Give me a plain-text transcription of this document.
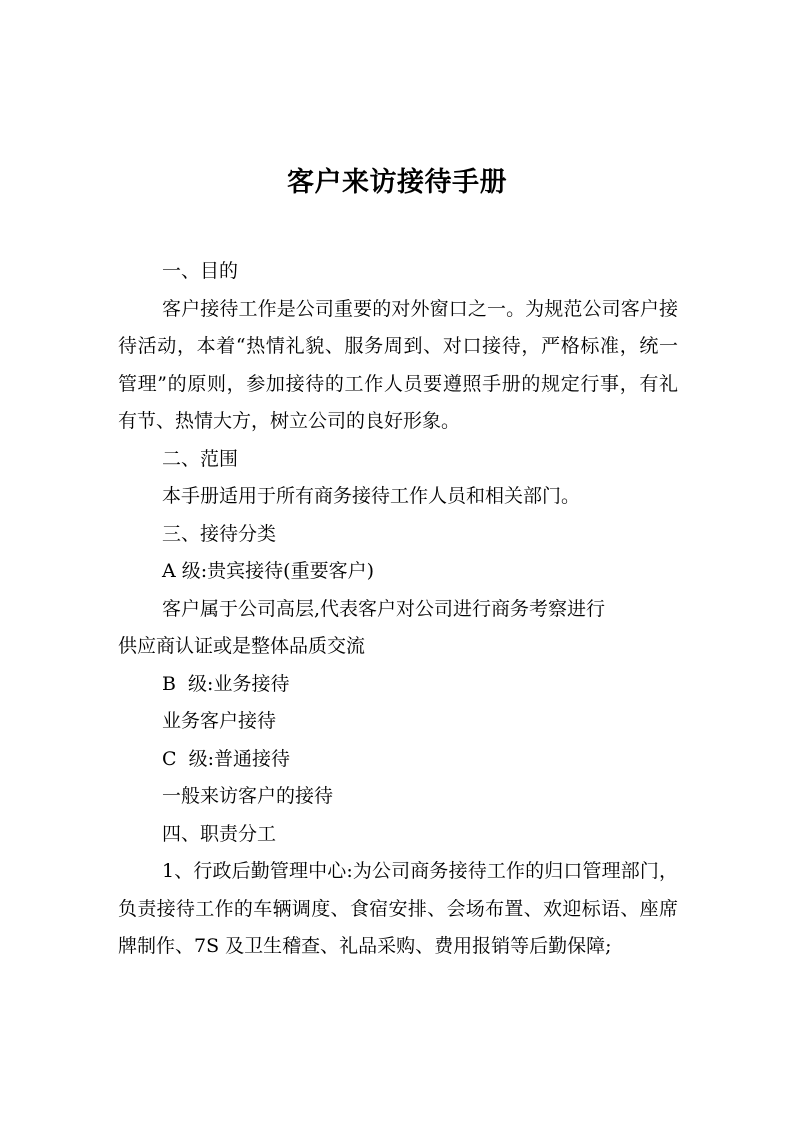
客户来访接待手册

一、目的

客户接待工作是公司重要的对外窗口之一。为规范公司客户接待活动，本着“热情礼貌、服务周到、对口接待，严格标准，统一管理”的原则，参加接待的工作人员要遵照手册的规定行事，有礼有节、热情大方，树立公司的良好形象。

二、范围

本手册适用于所有商务接待工作人员和相关部门。

三、接待分类

A 级:贵宾接待(重要客户)

客户属于公司高层,代表客户对公司进行商务考察进行

供应商认证或是整体品质交流

B  级:业务接待

业务客户接待

C  级:普通接待

一般来访客户的接待

四、职责分工

1、行政后勤管理中心:为公司商务接待工作的归口管理部门，负责接待工作的车辆调度、食宿安排、会场布置、欢迎标语、座席牌制作、7S 及卫生稽查、礼品采购、费用报销等后勤保障;
